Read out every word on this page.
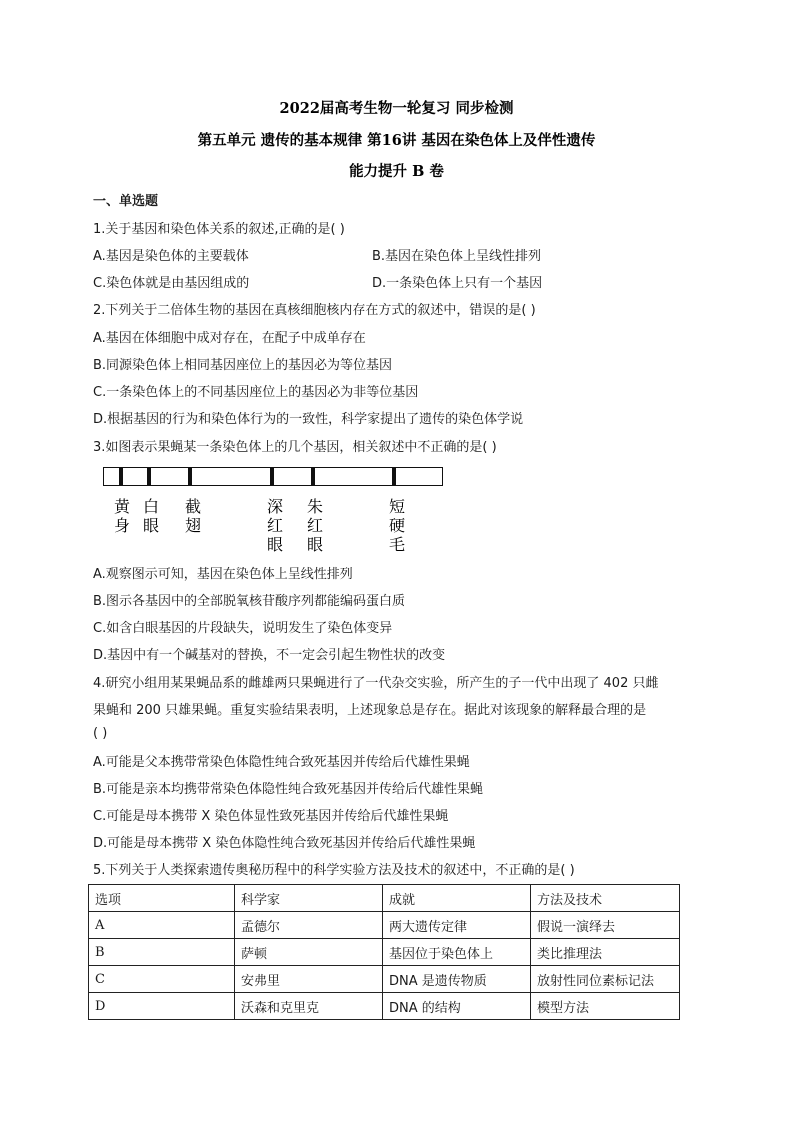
2022届高考生物一轮复习 同步检测
第五单元 遗传的基本规律 第16讲 基因在染色体上及伴性遗传
能力提升 B 卷
一、单选题
1.关于基因和染色体关系的叙述,正确的是( )
A.基因是染色体的主要载体	B.基因在染色体上呈线性排列
C.染色体就是由基因组成的	D.一条染色体上只有一个基因
2.下列关于二倍体生物的基因在真核细胞核内存在方式的叙述中，错误的是( )
A.基因在体细胞中成对存在，在配子中成单存在
B.同源染色体上相同基因座位上的基因必为等位基因
C.一条染色体上的不同基因座位上的基因必为非等位基因
D.根据基因的行为和染色体行为的一致性，科学家提出了遗传的染色体学说
3.如图表示果蝇某一条染色体上的几个基因，相关叙述中不正确的是( )
黄
身
白
眼
截
翅
深
红
眼
朱
红
眼
短
硬
毛
A.观察图示可知，基因在染色体上呈线性排列
B.图示各基因中的全部脱氧核苷酸序列都能编码蛋白质
C.如含白眼基因的片段缺失，说明发生了染色体变异
D.基因中有一个碱基对的替换，不一定会引起生物性状的改变
4.研究小组用某果蝇品系的雌雄两只果蝇进行了一代杂交实验，所产生的子一代中出现了 402 只雌
果蝇和 200 只雄果蝇。重复实验结果表明，上述现象总是存在。据此对该现象的解释最合理的是
( )
A.可能是父本携带常染色体隐性纯合致死基因并传给后代雄性果蝇
B.可能是亲本均携带常染色体隐性纯合致死基因并传给后代雄性果蝇
C.可能是母本携带 X 染色体显性致死基因并传给后代雄性果蝇
D.可能是母本携带 X 染色体隐性纯合致死基因并传给后代雄性果蝇
5.下列关于人类探索遗传奥秘历程中的科学实验方法及技术的叙述中，不正确的是( )
选项	科学家	成就	方法及技术
A	孟德尔	两大遗传定律	假说一演绎去
B	萨顿	基因位于染色体上	类比推理法
C	安弗里	DNA 是遗传物质	放射性同位素标记法
D	沃森和克里克	DNA 的结构	模型方法
